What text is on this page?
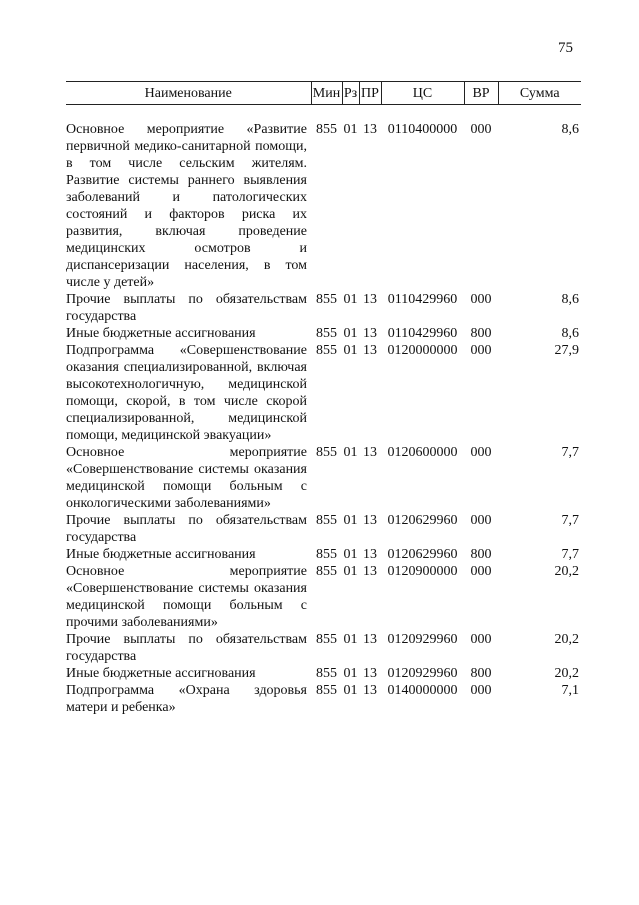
75
Наименование	Мин	Рз	ПР	ЦС	ВР	Сумма

Основное мероприятие «Развитие первичной медико-санитарной помощи, в том числе сельским жителям. Развитие системы раннего выявления заболеваний и патологических состояний и факторов риска их развития, включая проведение медицинских осмотров и диспансеризации населения, в том числе у детей»	855	01	13	0110400000	000	8,6
Прочие выплаты по обязательствам государства	855	01	13	0110429960	000	8,6
Иные бюджетные ассигнования	855	01	13	0110429960	800	8,6
Подпрограмма «Совершенствование оказания специализированной, включая высокотехнологичную, медицинской помощи, скорой, в том числе скорой специализированной, медицинской помощи, медицинской эвакуации»	855	01	13	0120000000	000	27,9
Основное мероприятие «Совершенствование системы оказания медицинской помощи больным с онкологическими заболеваниями»	855	01	13	0120600000	000	7,7
Прочие выплаты по обязательствам государства	855	01	13	0120629960	000	7,7
Иные бюджетные ассигнования	855	01	13	0120629960	800	7,7
Основное мероприятие «Совершенствование системы оказания медицинской помощи больным с прочими заболеваниями»	855	01	13	0120900000	000	20,2
Прочие выплаты по обязательствам государства	855	01	13	0120929960	000	20,2
Иные бюджетные ассигнования	855	01	13	0120929960	800	20,2
Подпрограмма «Охрана здоровья матери и ребенка»	855	01	13	0140000000	000	7,1
